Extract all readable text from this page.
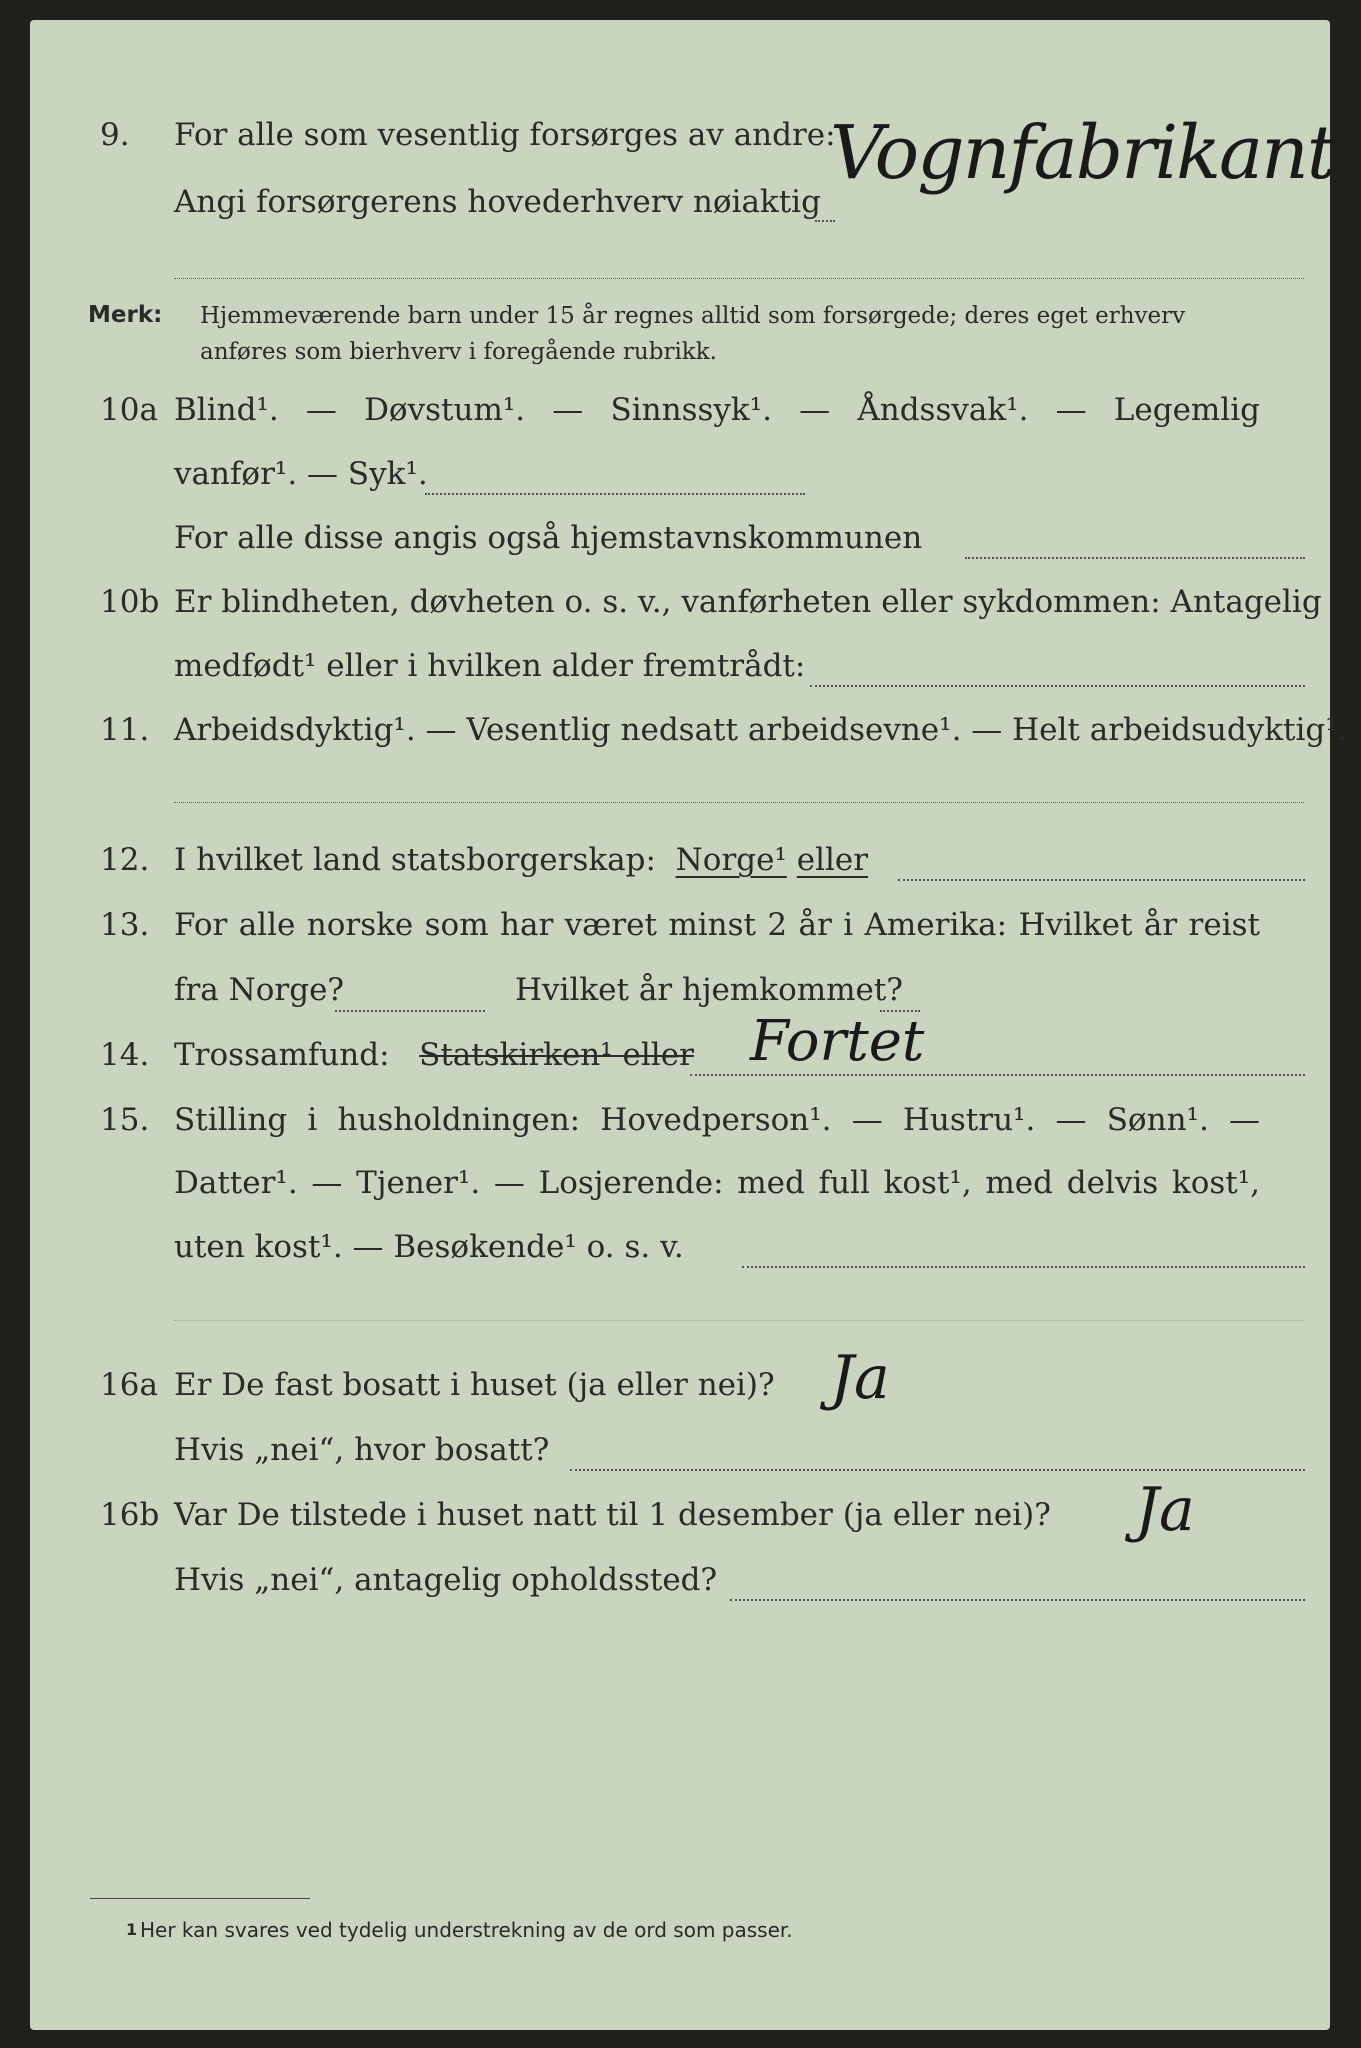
9. For alle som vesentlig forsørges av andre:
Angi forsørgerens hovederhverv nøiaktig
Vognfabrikant
Merk: Hjemmeværende barn under 15 år regnes alltid som forsørgede; deres eget erhverv anføres som bierhverv i foregående rubrikk.
10a Blind¹. — Døvstum¹. — Sinnssyk¹. — Åndssvak¹. — Legemlig
vanfør¹. — Syk¹.
For alle disse angis også hjemstavnskommunen
10b Er blindheten, døvheten o. s. v., vanførheten eller sykdommen: Antagelig
medfødt¹ eller i hvilken alder fremtrådt:
11. Arbeidsdyktig¹. — Vesentlig nedsatt arbeidsevne¹. — Helt arbeidsudyktig¹.
12. I hvilket land statsborgerskap: Norge¹ eller
13. For alle norske som har været minst 2 år i Amerika: Hvilket år reist
fra Norge?	Hvilket år hjemkommet?
14. Trossamfund: Statskirken¹ eller Fortet
15. Stilling i husholdningen: Hovedperson¹. — Hustru¹. — Sønn¹. —
Datter¹. — Tjener¹. — Losjerende: med full kost¹, med delvis kost¹,
uten kost¹. — Besøkende¹ o. s. v.
16a Er De fast bosatt i huset (ja eller nei)? Ja
Hvis „nei“, hvor bosatt?
16b Var De tilstede i huset natt til 1 desember (ja eller nei)? Ja
Hvis „nei“, antagelig opholdssted?
1 Her kan svares ved tydelig understrekning av de ord som passer.
